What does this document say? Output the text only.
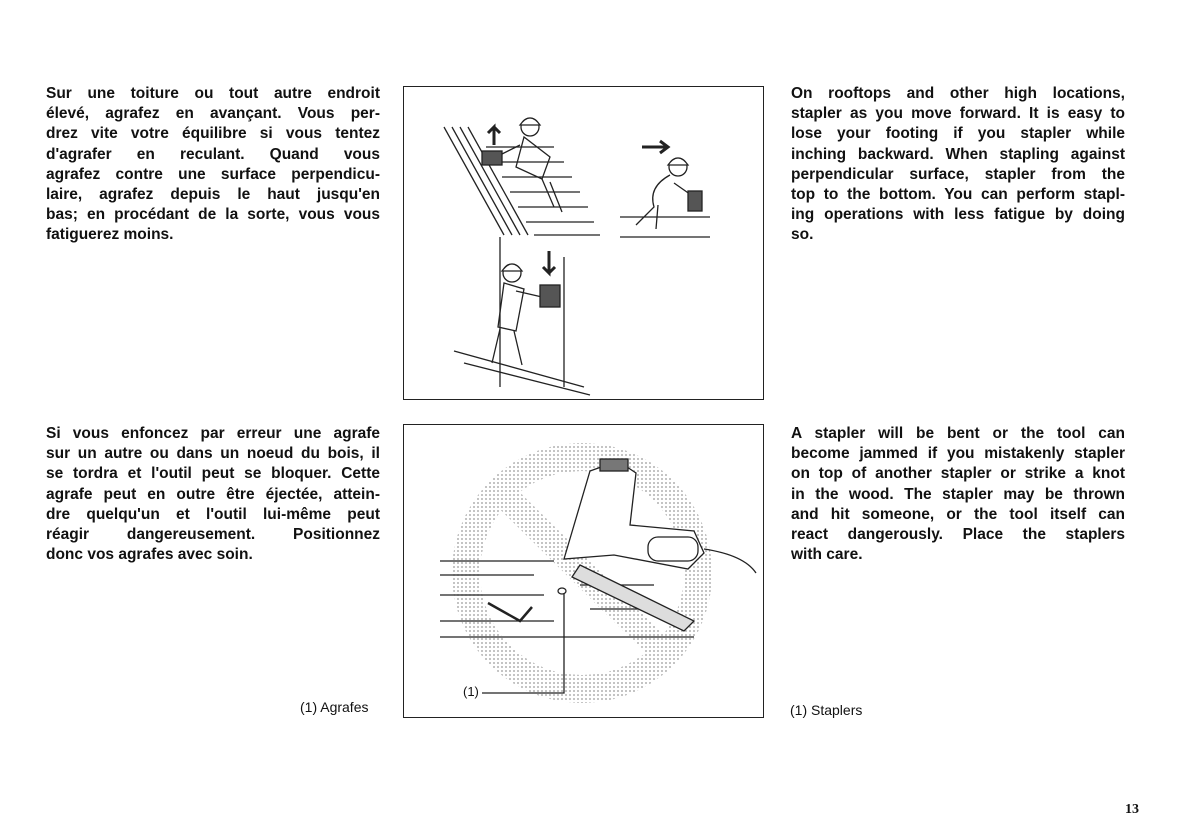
Sur une toiture ou tout autre endroit
élevé, agrafez en avançant. Vous per-
drez vite votre équilibre si vous tentez
d'agrafer en reculant. Quand vous
agrafez contre une surface perpendicu-
laire, agrafez depuis le haut jusqu'en
bas; en procédant de la sorte, vous vous
fatiguerez moins.

On rooftops and other high locations,
stapler as you move forward. It is easy to
lose your footing if you stapler while
inching backward. When stapling against
perpendicular surface, stapler from the
top to the bottom. You can perform stapl-
ing operations with less fatigue by doing
so.

Si vous enfoncez par erreur une agrafe
sur un autre ou dans un noeud du bois, il
se tordra et l'outil peut se bloquer. Cette
agrafe peut en outre être éjectée, attein-
dre quelqu'un et l'outil lui-même peut
réagir dangereusement. Positionnez
donc vos agrafes avec soin.

(1) Agrafes
(1)

A stapler will be bent or the tool can
become jammed if you mistakenly stapler
on top of another stapler or strike a knot
in the wood. The stapler may be thrown
and hit someone, or the tool itself can
react dangerously. Place the staplers
with care.

(1) Staplers
13
